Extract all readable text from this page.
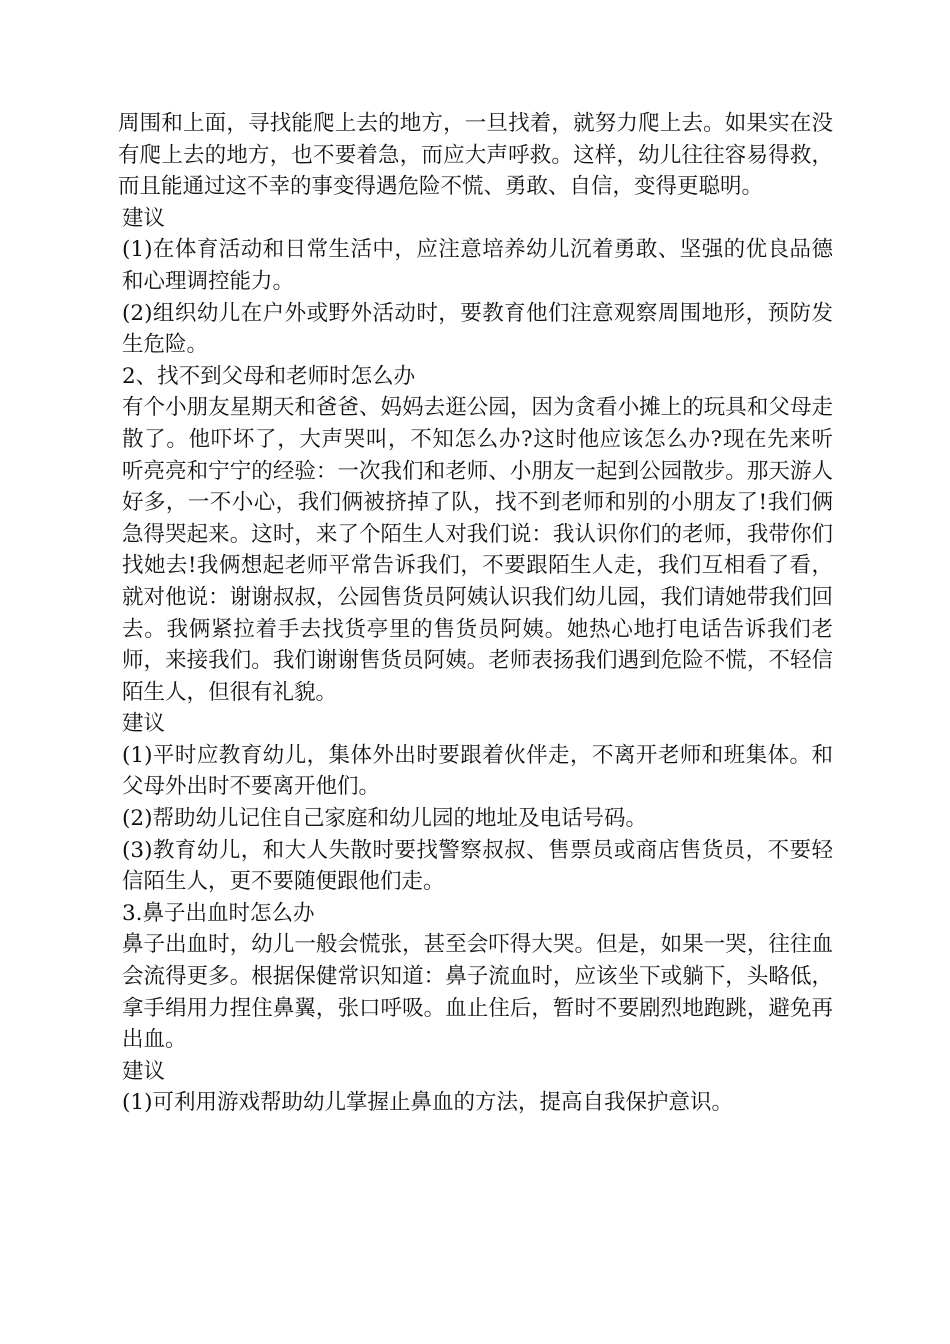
周围和上面，寻找能爬上去的地方，一旦找着，就努力爬上去。如果实在没有爬上去的地方，也不要着急，而应大声呼救。这样，幼儿往往容易得救，而且能通过这不幸的事变得遇危险不慌、勇敢、自信，变得更聪明。

建议

(1)在体育活动和日常生活中，应注意培养幼儿沉着勇敢、坚强的优良品德和心理调控能力。

(2)组织幼儿在户外或野外活动时，要教育他们注意观察周围地形，预防发生危险。

2、找不到父母和老师时怎么办

有个小朋友星期天和爸爸、妈妈去逛公园，因为贪看小摊上的玩具和父母走散了。他吓坏了，大声哭叫，不知怎么办?这时他应该怎么办?现在先来听听亮亮和宁宁的经验：一次我们和老师、小朋友一起到公园散步。那天游人好多，一不小心，我们俩被挤掉了队，找不到老师和别的小朋友了!我们俩急得哭起来。这时，来了个陌生人对我们说：我认识你们的老师，我带你们找她去!我俩想起老师平常告诉我们，不要跟陌生人走，我们互相看了看，就对他说：谢谢叔叔，公园售货员阿姨认识我们幼儿园，我们请她带我们回去。我俩紧拉着手去找货亭里的售货员阿姨。她热心地打电话告诉我们老师，来接我们。我们谢谢售货员阿姨。老师表扬我们遇到危险不慌，不轻信陌生人，但很有礼貌。

建议

(1)平时应教育幼儿，集体外出时要跟着伙伴走，不离开老师和班集体。和父母外出时不要离开他们。

(2)帮助幼儿记住自己家庭和幼儿园的地址及电话号码。

(3)教育幼儿，和大人失散时要找警察叔叔、售票员或商店售货员，不要轻信陌生人，更不要随便跟他们走。

3.鼻子出血时怎么办

鼻子出血时，幼儿一般会慌张，甚至会吓得大哭。但是，如果一哭，往往血会流得更多。根据保健常识知道：鼻子流血时，应该坐下或躺下，头略低，拿手绢用力捏住鼻翼，张口呼吸。血止住后，暂时不要剧烈地跑跳，避免再出血。

建议

(1)可利用游戏帮助幼儿掌握止鼻血的方法，提高自我保护意识。
